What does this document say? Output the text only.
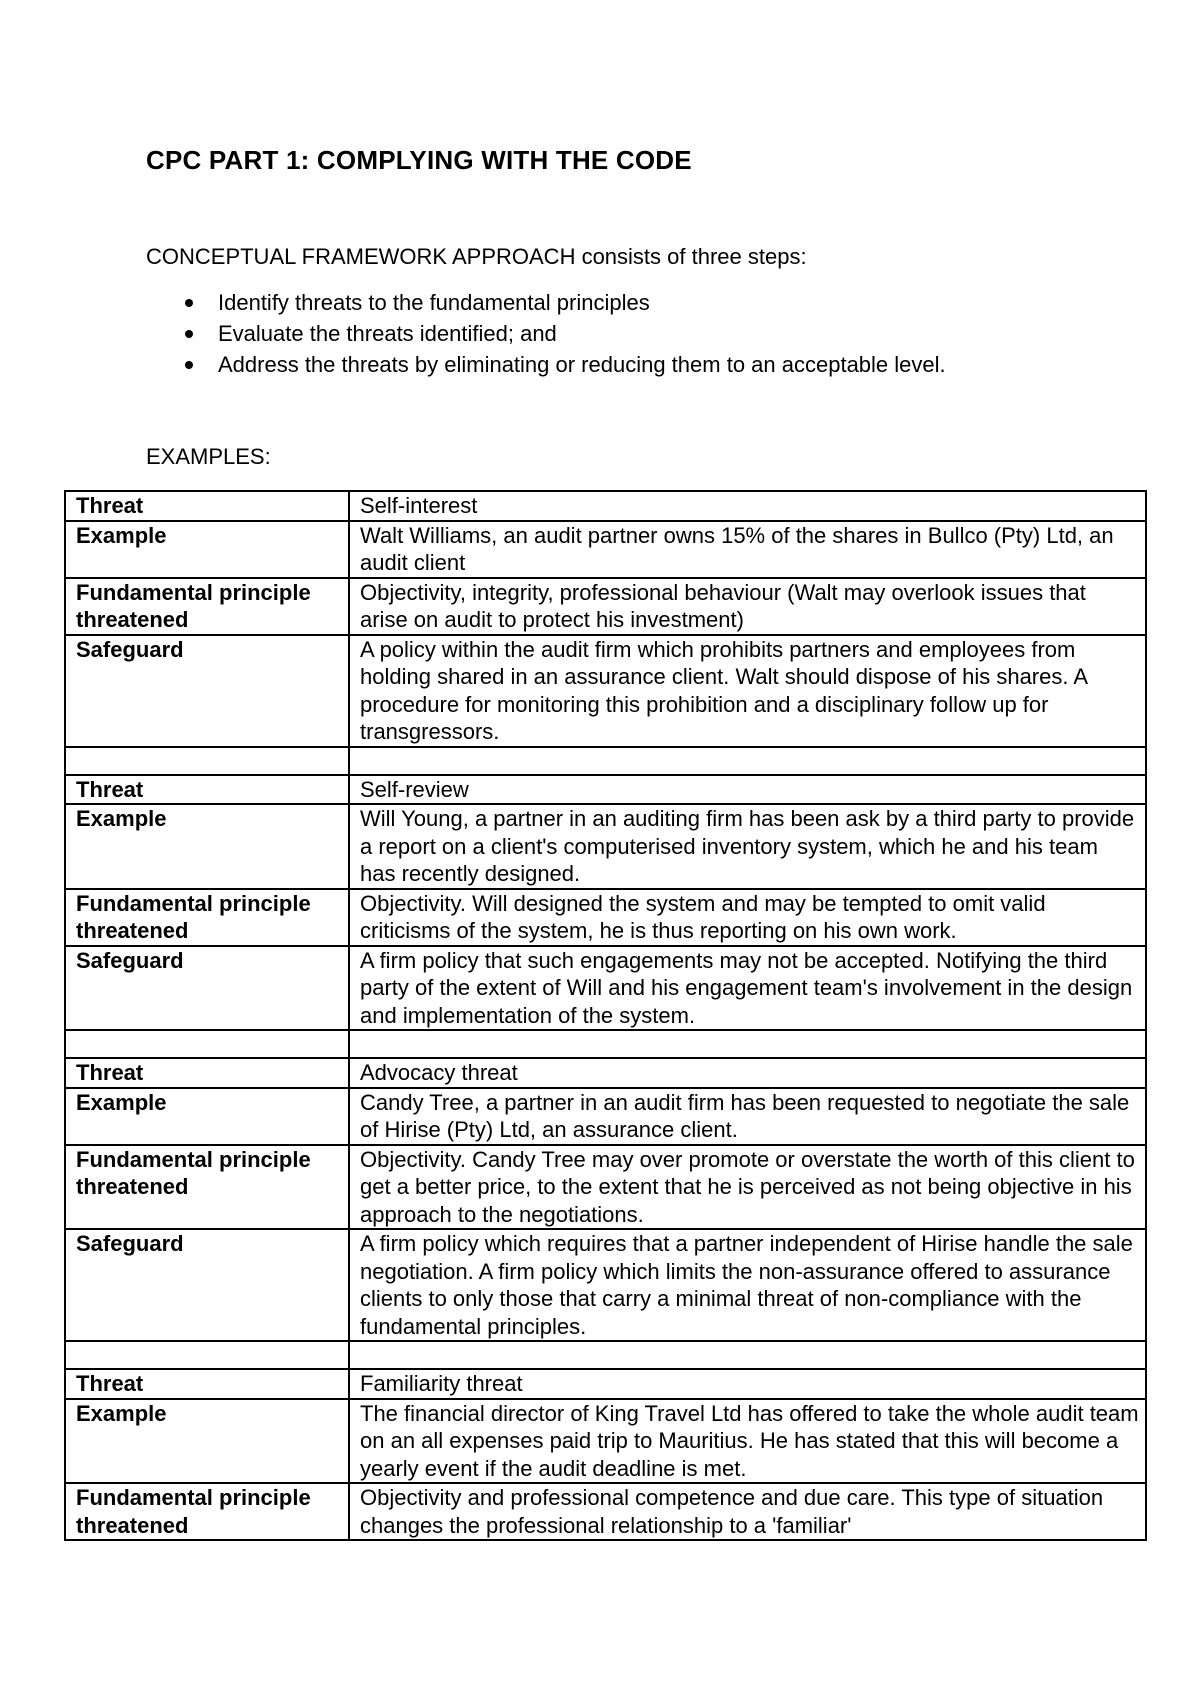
CPC PART 1: COMPLYING WITH THE CODE

CONCEPTUAL FRAMEWORK APPROACH consists of three steps:

Identify threats to the fundamental principles
Evaluate the threats identified; and
Address the threats by eliminating or reducing them to an acceptable level.

EXAMPLES:

Threat	Self-interest
Example	Walt Williams, an audit partner owns 15% of the shares in Bullco (Pty) Ltd, an audit client
Fundamental principle threatened	Objectivity, integrity, professional behaviour (Walt may overlook issues that arise on audit to protect his investment)
Safeguard	A policy within the audit firm which prohibits partners and employees from holding shared in an assurance client. Walt should dispose of his shares. A procedure for monitoring this prohibition and a disciplinary follow up for transgressors.

Threat	Self-review
Example	Will Young, a partner in an auditing firm has been ask by a third party to provide a report on a client's computerised inventory system, which he and his team has recently designed.
Fundamental principle threatened	Objectivity. Will designed the system and may be tempted to omit valid criticisms of the system, he is thus reporting on his own work.
Safeguard	A firm policy that such engagements may not be accepted. Notifying the third party of the extent of Will and his engagement team's involvement in the design and implementation of the system.

Threat	Advocacy threat
Example	Candy Tree, a partner in an audit firm has been requested to negotiate the sale of Hirise (Pty) Ltd, an assurance client.
Fundamental principle threatened	Objectivity. Candy Tree may over promote or overstate the worth of this client to get a better price, to the extent that he is perceived as not being objective in his approach to the negotiations.
Safeguard	A firm policy which requires that a partner independent of Hirise handle the sale negotiation. A firm policy which limits the non-assurance offered to assurance clients to only those that carry a minimal threat of non-compliance with the fundamental principles.

Threat	Familiarity threat
Example	The financial director of King Travel Ltd has offered to take the whole audit team on an all expenses paid trip to Mauritius. He has stated that this will become a yearly event if the audit deadline is met.
Fundamental principle threatened	Objectivity and professional competence and due care. This type of situation changes the professional relationship to a 'familiar'
